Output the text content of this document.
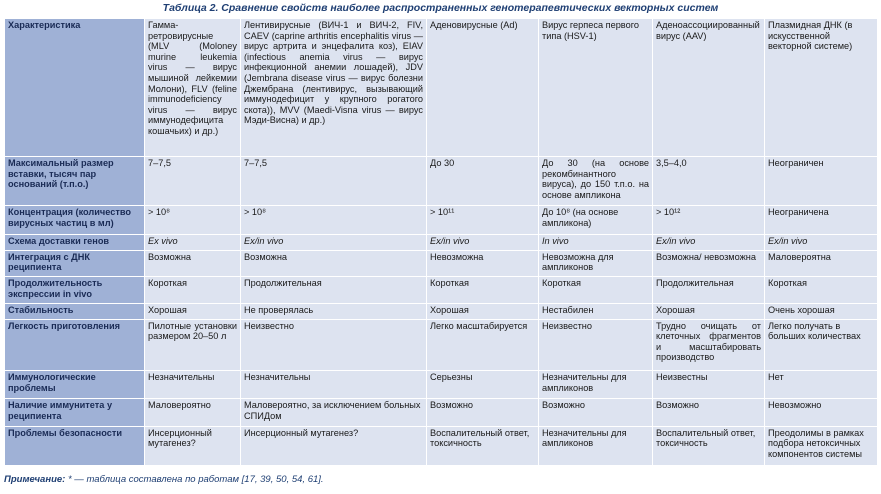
Таблица 2. Сравнение свойств наиболее распространенных генотерапевтических векторных систем
Характеристика	Гамма-ретровирусные (MLV (Moloney murine leukemia virus — вирус мышиной лейкемии Молони), FLV (feline immunodeficiency virus — вирус иммунодефицита кошачьих) и др.)	Лентивирусные (ВИЧ-1 и ВИЧ-2, FIV, CAEV (caprine arthritis encephalitis virus — вирус артрита и энцефалита коз), EIAV (infectious anemia virus — вирус инфекционной анемии лошадей), JDV (Jembrana disease virus — вирус болезни Джембрана (лентивирус, вызывающий иммунодефицит у крупного рогатого скота)), MVV (Maedi-Visna virus — вирус Мэди-Висна) и др.)	Аденовирусные (Ad)	Вирус герпеса первого типа (HSV-1)	Аденоассоциированный вирус (AAV)	Плазмидная ДНК (в искусственной векторной системе)
Максимальный размер вставки, тысяч пар оснований (т.п.о.)	7–7,5	7–7,5	До 30	До 30 (на основе рекомбинантного вируса), до 150 т.п.о. на основе ампликона	3,5–4,0	Неограничен
Концентрация (количество вирусных частиц в мл)	> 10⁸	> 10⁸	> 10¹¹	До 10⁸ (на основе ампликона)	> 10¹²	Неограничена
Схема доставки генов	Ex vivo	Ex/in vivo	Ex/in vivo	In vivo	Ex/in vivo	Ex/in vivo
Интеграция с ДНК реципиента	Возможна	Возможна	Невозможна	Невозможна для ампликонов	Возможна/ невозможна	Маловероятна
Продолжительность экспрессии in vivo	Короткая	Продолжительная	Короткая	Короткая	Продолжительная	Короткая
Стабильность	Хорошая	Не проверялась	Хорошая	Нестабилен	Хорошая	Очень хорошая
Легкость приготовления	Пилотные установки размером 20–50 л	Неизвестно	Легко масштабируется	Неизвестно	Трудно очищать от клеточных фрагментов и масштабировать производство	Легко получать в больших количествах
Иммунологические проблемы	Незначительны	Незначительны	Серьезны	Незначительны для ампликонов	Неизвестны	Нет
Наличие иммунитета у реципиента	Маловероятно	Маловероятно, за исключением больных СПИДом	Возможно	Возможно	Возможно	Невозможно
Проблемы безопасности	Инсерционный мутагенез?	Инсерционный мутагенез?	Воспалительный ответ, токсичность	Незначительны для ампликонов	Воспалительный ответ, токсичность	Преодолимы в рамках подбора нетоксичных компонентов системы
Примечание: * — таблица составлена по работам [17, 39, 50, 54, 61].
